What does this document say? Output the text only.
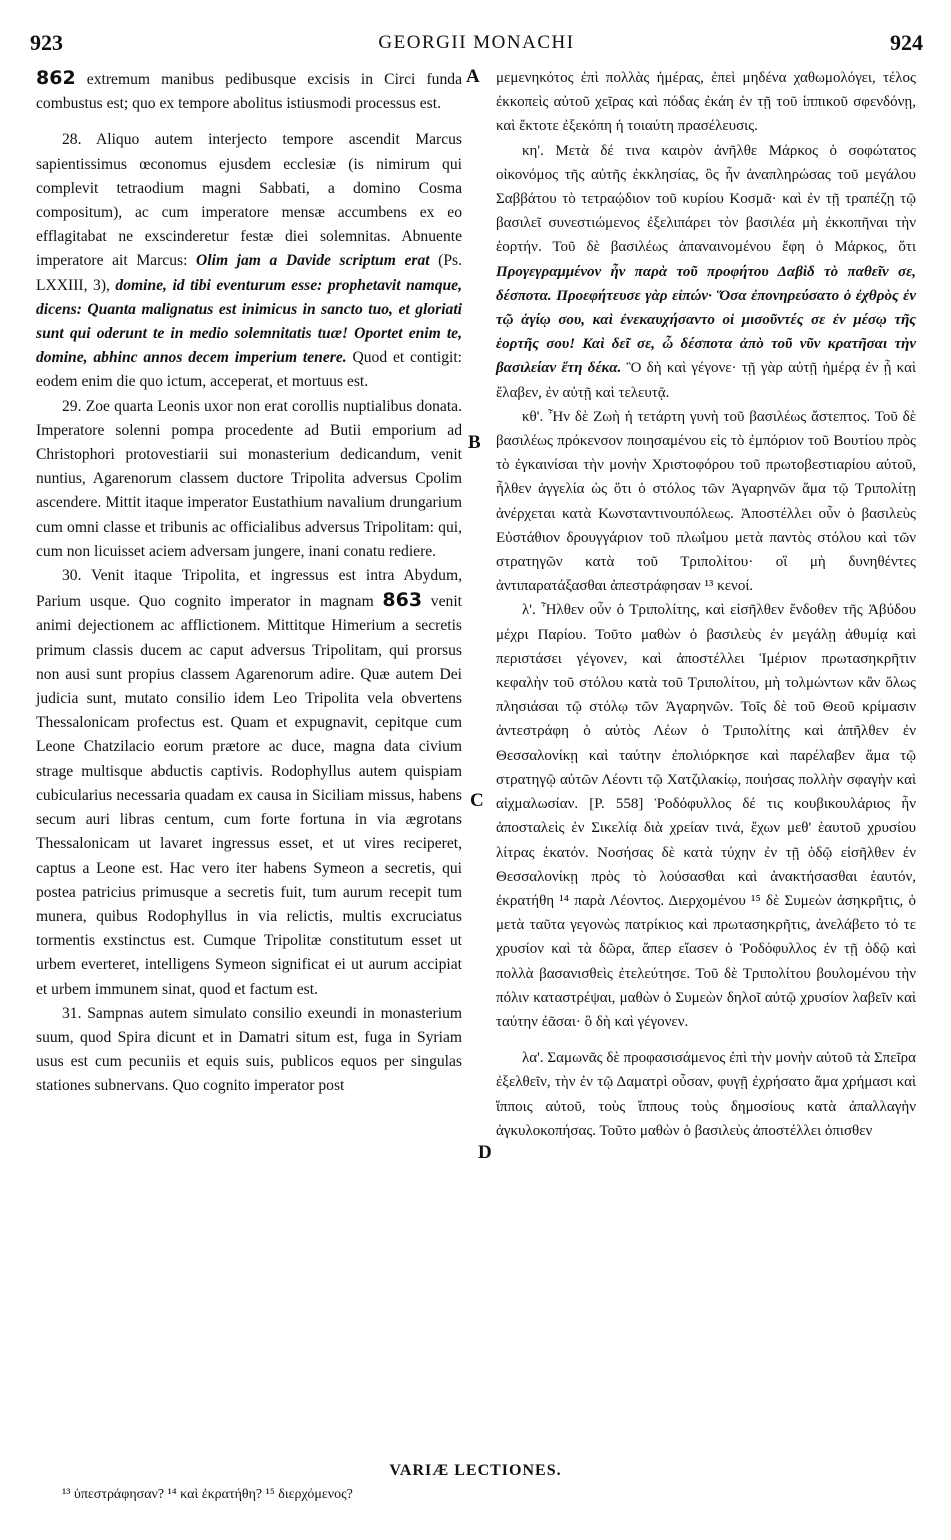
923	GEORGII MONACHI	924

862 extremum manibus pedibusque excisis in Circi funda combustus est; quo ex tempore abolitus istiusmodi processus est.

28. Aliquo autem interjecto tempore ascendit Marcus sapientissimus œconomus ejusdem ecclesiæ (is nimirum qui complevit tetraodium magni Sabbati, a domino Cosma compositum), ac cum imperatore mensæ accumbens ex eo efflagitabat ne exscinderetur festæ diei solemnitas. Abnuente imperatore ait Marcus: Olim jam a Davide scriptum erat (Ps. LXXIII, 3), domine, id tibi eventurum esse: prophetavit namque, dicens: Quanta malignatus est inimicus in sancto tuo, et gloriati sunt qui oderunt te in medio solemnitatis tuæ! Oportet enim te, domine, abhinc annos decem imperium tenere. Quod et contigit: eodem enim die quo ictum, acceperat, et mortuus est.

29. Zoe quarta Leonis uxor non erat corollis nuptialibus donata. Imperatore solenni pompa procedente ad Butii emporium ad Christophori protovestiarii sui monasterium dedicandum, venit nuntius, Agarenorum classem ductore Tripolita adversus Cpolim ascendere. Mittit itaque imperator Eustathium navalium drungarium cum omni classe et tribunis ac officialibus adversus Tripolitam: qui, cum non licuisset aciem adversam jungere, inani conatu rediere.

30. Venit itaque Tripolita, et ingressus est intra Abydum, Parium usque. Quo cognito imperator in magnam 863 venit animi dejectionem ac afflictionem. Mittitque Himerium a secretis primum classis ducem ac caput adversus Tripolitam, qui prorsus non ausi sunt propius classem Agarenorum adire. Quæ autem Dei judicia sunt, mutato consilio idem Leo Tripolita vela obvertens Thessalonicam profectus est. Quam et expugnavit, cepitque cum Leone Chatzilacio eorum prætore ac duce, magna data civium strage multisque abductis captivis. Rodophyllus autem quispiam cubicularius necessaria quadam ex causa in Siciliam missus, habens secum auri libras centum, cum forte fortuna in via ægrotans Thessalonicam ut lavaret ingressus esset, et ut vires reciperet, captus a Leone est. Hac vero iter habens Symeon a secretis, qui postea patricius primusque a secretis fuit, tum aurum recepit tum munera, quibus Rodophyllus in via relictis, multis excruciatus tormentis exstinctus est. Cumque Tripolitæ constitutum esset ut urbem everteret, intelligens Symeon significat ei ut aurum accipiat et urbem immunem sinat, quod et factum est.

31. Sampnas autem simulato consilio exeundi in monasterium suum, quod Spira dicunt et in Damatri situm est, fuga in Syriam usus est cum pecuniis et equis suis, publicos equos per singulas stationes subnervans. Quo cognito imperator post

A
B
C
D

μεμενηκότος ἐπὶ πολλὰς ἡμέρας, ἐπεὶ μηδένα χαθωμολόγει, τέλος ἐκκοπεὶς αὐτοῦ χεῖρας καὶ πόδας ἐκάη ἐν τῇ τοῦ ἱππικοῦ σφενδόνῃ, καὶ ἔκτοτε ἐξεκόπη ἡ τοιαύτη πρασέλευσις.

κη'. Μετὰ δέ τινα καιρὸν ἀνῆλθε Μάρκος ὁ σοφώτατος οἰκονόμος τῆς αὐτῆς ἐκκλησίας, ὃς ἦν ἀναπληρώσας τοῦ μεγάλου Σαββάτου τὸ τετραῴδιον τοῦ κυρίου Κοσμᾶ· καὶ ἐν τῇ τραπέζῃ τῷ βασιλεῖ συνεστιώμενος ἐξελιπάρει τὸν βασιλέα μὴ ἐκκοπῆναι τὴν ἑορτήν. Τοῦ δὲ βασιλέως ἀπαναινομένου ἔφη ὁ Μάρκος, ὅτι Προγεγραμμένον ἦν παρὰ τοῦ προφήτου Δαβὶδ τὸ παθεῖν σε, δέσποτα. Προεφήτευσε γὰρ εἰπών· Ὅσα ἐπονηρεύσατο ὁ ἐχθρὸς ἐν τῷ ἁγίῳ σου, καὶ ἐνεκαυχήσαντο οἱ μισοῦντές σε ἐν μέσῳ τῆς ἑορτῆς σου! Καὶ δεῖ σε, ὦ δέσποτα ἀπὸ τοῦ νῦν κρατῆσαι τὴν βασιλείαν ἔτη δέκα. Ὃ δὴ καὶ γέγονε· τῇ γὰρ αὐτῇ ἡμέρᾳ ἐν ᾗ καὶ ἔλαβεν, ἐν αὐτῇ καὶ τελευτᾷ.

κθ'. Ἦν δὲ Ζωὴ ἡ τετάρτη γυνὴ τοῦ βασιλέως ἄστεπτος. Τοῦ δὲ βασιλέως πρόκενσον ποιησαμένου εἰς τὸ ἐμπόριον τοῦ Βουτίου πρὸς τὸ ἐγκαινίσαι τὴν μονὴν Χριστοφόρου τοῦ πρωτοβεστιαρίου αὐτοῦ, ἦλθεν ἀγγελία ὡς ὅτι ὁ στόλος τῶν Ἀγαρηνῶν ἅμα τῷ Τριπολίτῃ ἀνέρχεται κατὰ Κωνσταντινουπόλεως. Ἀποστέλλει οὖν ὁ βασιλεὺς Εὐστάθιον δρουγγάριον τοῦ πλωΐμου μετὰ παντὸς στόλου καὶ τῶν στρατηγῶν κατὰ τοῦ Τριπολίτου· οἳ μὴ δυνηθέντες ἀντιπαρατάξασθαι ἀπεστράφησαν ¹³ κενοί.

λ'. Ἦλθεν οὖν ὁ Τριπολίτης, καὶ εἰσῆλθεν ἔνδοθεν τῆς Ἀβύδου μέχρι Παρίου. Τοῦτο μαθὼν ὁ βασιλεὺς ἐν μεγάλῃ ἀθυμίᾳ καὶ περιστάσει γέγονεν, καὶ ἀποστέλλει Ἱμέριον πρωτασηκρῆτιν κεφαλὴν τοῦ στόλου κατὰ τοῦ Τριπολίτου, μὴ τολμώντων κἂν ὅλως πλησιάσαι τῷ στόλῳ τῶν Ἀγαρηνῶν. Τοῖς δὲ τοῦ Θεοῦ κρίμασιν ἀντεστράφη ὁ αὐτὸς Λέων ὁ Τριπολίτης καὶ ἀπῆλθεν ἐν Θεσσαλονίκῃ καὶ ταύτην ἐπολιόρκησε καὶ παρέλαβεν ἅμα τῷ στρατηγῷ αὐτῶν Λέοντι τῷ Χατζιλακίῳ, ποιήσας πολλὴν σφαγὴν καὶ αἰχμαλωσίαν. [P. 558] Ῥοδόφυλλος δέ τις κουβικουλάριος ἦν ἀποσταλεὶς ἐν Σικελίᾳ διὰ χρείαν τινά, ἔχων μεθ' ἑαυτοῦ χρυσίου λίτρας ἑκατόν. Νοσήσας δὲ κατὰ τύχην ἐν τῇ ὁδῷ εἰσῆλθεν ἐν Θεσσαλονίκῃ πρὸς τὸ λούσασθαι καὶ ἀνακτήσασθαι ἑαυτόν, ἐκρατήθη ¹⁴ παρὰ Λέοντος. Διερχομένου ¹⁵ δὲ Συμεὼν ἀσηκρῆτις, ὁ μετὰ ταῦτα γεγονὼς πατρίκιος καὶ πρωτασηκρῆτις, ἀνελάβετο τό τε χρυσίον καὶ τὰ δῶρα, ἅπερ εἴασεν ὁ Ῥοδόφυλλος ἐν τῇ ὁδῷ καὶ πολλὰ βασανισθεὶς ἐτελεύτησε. Τοῦ δὲ Τριπολίτου βουλομένου τὴν πόλιν καταστρέψαι, μαθὼν ὁ Συμεὼν δηλοῖ αὐτῷ χρυσίον λαβεῖν καὶ ταύτην ἐᾶσαι· ὃ δὴ καὶ γέγονεν.

λα'. Σαμωνᾶς δὲ προφασισάμενος ἐπὶ τὴν μονὴν αὐτοῦ τὰ Σπεῖρα ἐξελθεῖν, τὴν ἐν τῷ Δαματρὶ οὖσαν, φυγῇ ἐχρήσατο ἅμα χρήμασι καὶ ἵπποις αὐτοῦ, τοὺς ἵππους τοὺς δημοσίους κατὰ ἀπαλλαγὴν ἀγκυλοκοπήσας. Τοῦτο μαθὼν ὁ βασιλεὺς ἀποστέλλει ὀπισθεν

VARIÆ LECTIONES.
¹³ ὑπεστράφησαν? ¹⁴ καὶ ἐκρατήθη? ¹⁵ διερχόμενος?
